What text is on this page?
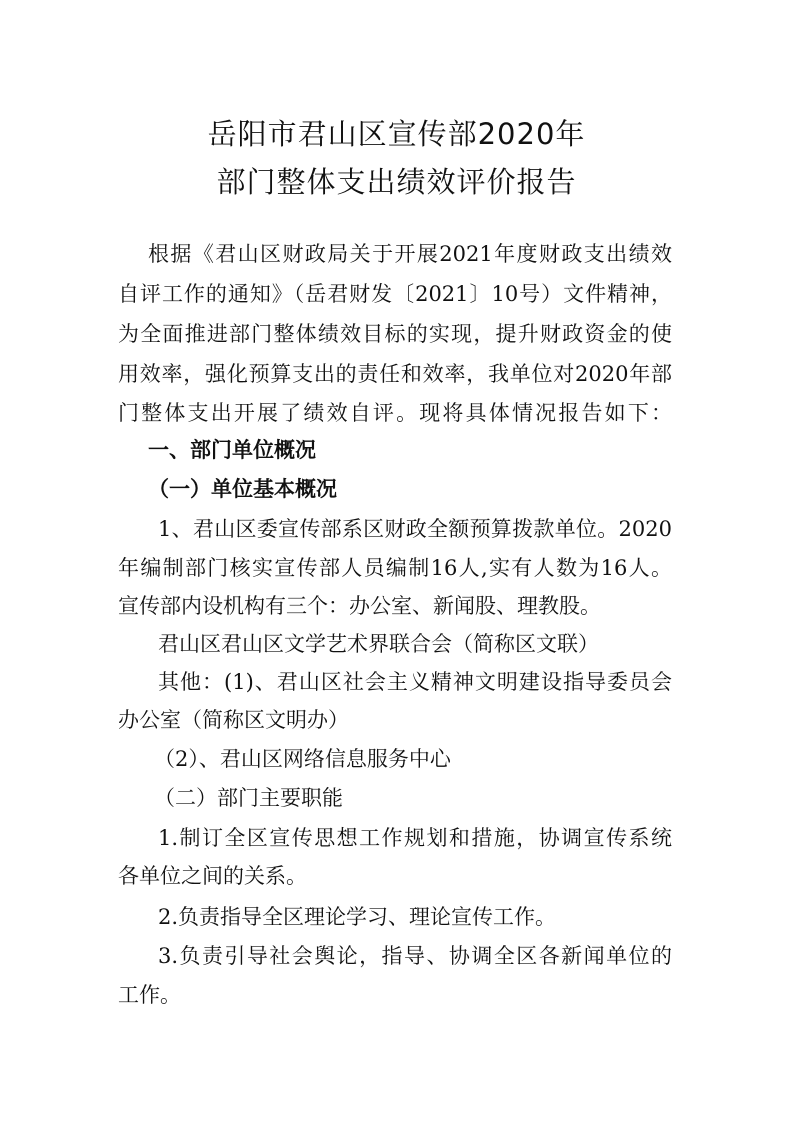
岳阳市君山区宣传部2020年
部门整体支出绩效评价报告
根据《君山区财政局关于开展2021年度财政支出绩效
自评工作的通知》（岳君财发〔2021〕10号）文件精神，
为全面推进部门整体绩效目标的实现，提升财政资金的使
用效率，强化预算支出的责任和效率，我单位对2020年部
门整体支出开展了绩效自评。现将具体情况报告如下：
一、部门单位概况
（一）单位基本概况
1、君山区委宣传部系区财政全额预算拨款单位。2020
年编制部门核实宣传部人员编制16人,实有人数为16人。
宣传部内设机构有三个：办公室、新闻股、理教股。
君山区君山区文学艺术界联合会（简称区文联）
其他：(1)、君山区社会主义精神文明建设指导委员会
办公室（简称区文明办）
（2）、君山区网络信息服务中心
（二）部门主要职能
1.制订全区宣传思想工作规划和措施，协调宣传系统
各单位之间的关系。
2.负责指导全区理论学习、理论宣传工作。
3.负责引导社会舆论，指导、协调全区各新闻单位的
工作。
